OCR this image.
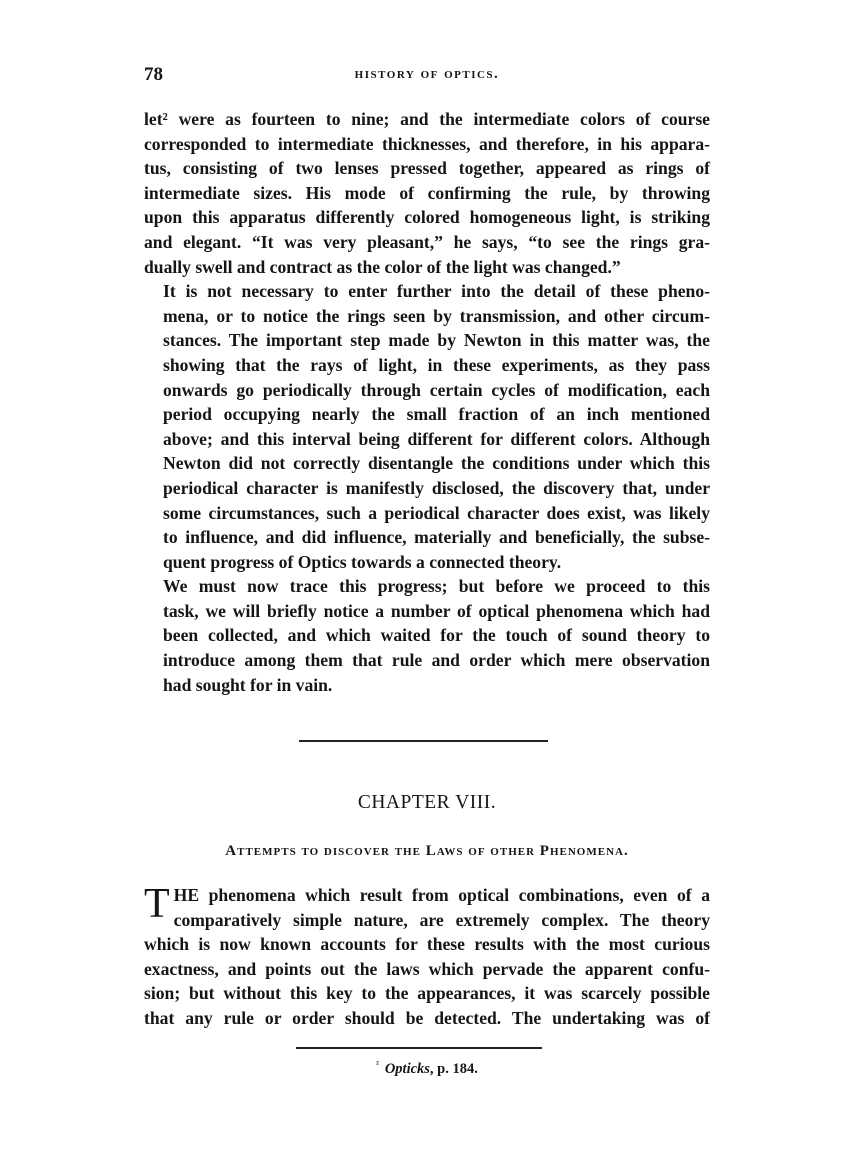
78	history of optics.

let² were as fourteen to nine; and the intermediate colors of course
corresponded to intermediate thicknesses, and therefore, in his appara-
tus, consisting of two lenses pressed together, appeared as rings of
intermediate sizes. His mode of confirming the rule, by throwing
upon this apparatus differently colored homogeneous light, is striking
and elegant. “It was very pleasant,” he says, “to see the rings gra-
dually swell and contract as the color of the light was changed.”

It is not necessary to enter further into the detail of these pheno-
mena, or to notice the rings seen by transmission, and other circum-
stances. The important step made by Newton in this matter was, the
showing that the rays of light, in these experiments, as they pass
onwards go periodically through certain cycles of modification, each
period occupying nearly the small fraction of an inch mentioned
above; and this interval being different for different colors. Although
Newton did not correctly disentangle the conditions under which this
periodical character is manifestly disclosed, the discovery that, under
some circumstances, such a periodical character does exist, was likely
to influence, and did influence, materially and beneficially, the subse-
quent progress of Optics towards a connected theory.

We must now trace this progress; but before we proceed to this
task, we will briefly notice a number of optical phenomena which had
been collected, and which waited for the touch of sound theory to
introduce among them that rule and order which mere observation
had sought for in vain.

CHAPTER VIII.
Attempts to discover the Laws of other Phenomena.
T HE phenomena which result from optical combinations, even of a
comparatively simple nature, are extremely complex. The theory
which is now known accounts for these results with the most curious
exactness, and points out the laws which pervade the apparent confu-
sion; but without this key to the appearances, it was scarcely possible
that any rule or order should be detected. The undertaking was of
$^{^2}$ Opticks, p. 184.
